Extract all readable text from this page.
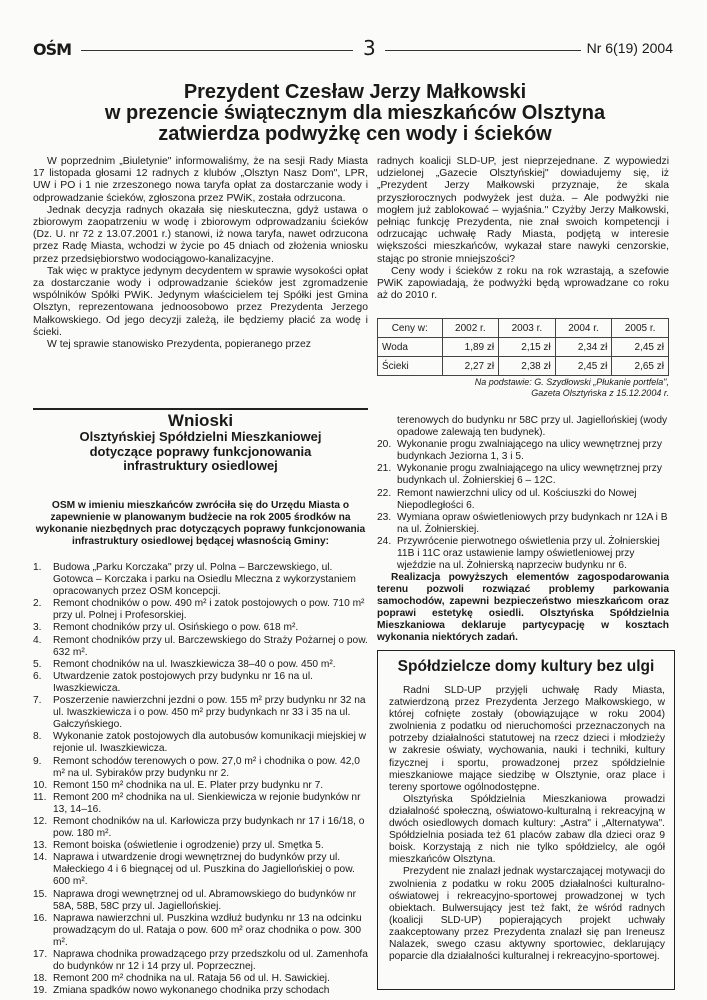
OŚM	3	Nr 6(19) 2004
Prezydent Czesław Jerzy Małkowski
w prezencie świątecznym dla mieszkańców Olsztyna
zatwierdza podwyżkę cen wody i ścieków

W poprzednim „Biuletynie" informowaliśmy, że na sesji Rady Miasta 17 listopada głosami 12 radnych z klubów „Olsztyn Nasz Dom", LPR, UW i PO i 1 nie zrzeszonego nowa taryfa opłat za dostarczanie wody i odprowadzanie ścieków, zgłoszona przez PWiK, została odrzucona.

Jednak decyzja radnych okazała się nieskuteczna, gdyż ustawa o zbiorowym zaopatrzeniu w wodę i zbiorowym odprowadzaniu ścieków (Dz. U. nr 72 z 13.07.2001 r.) stanowi, iż nowa taryfa, nawet odrzucona przez Radę Miasta, wchodzi w życie po 45 dniach od złożenia wniosku przez przedsiębiorstwo wodociągowo-kanalizacyjne.

Tak więc w praktyce jedynym decydentem w sprawie wysokości opłat za dostarczanie wody i odprowadzanie ścieków jest zgromadzenie wspólników Spółki PWiK. Jedynym właścicielem tej Spółki jest Gmina Olsztyn, reprezentowana jednoosobowo przez Prezydenta Jerzego Małkowskiego. Od jego decyzji zależą, ile będziemy płacić za wodę i ścieki.

W tej sprawie stanowisko Prezydenta, popieranego przez

radnych koalicji SLD-UP, jest nieprzejednane. Z wypowiedzi udzielonej „Gazecie Olsztyńskiej" dowiadujemy się, iż „Prezydent Jerzy Małkowski przyznaje, że skala przyszłorocznych podwyżek jest duża. – Ale podwyżki nie mogłem już zablokować – wyjaśnia." Czyżby Jerzy Małkowski, pełniąc funkcję Prezydenta, nie znał swoich kompetencji i odrzucając uchwałę Rady Miasta, podjętą w interesie większości mieszkańców, wykazał stare nawyki cenzorskie, stając po stronie mniejszości?

Ceny wody i ścieków z roku na rok wzrastają, a szefowie PWiK zapowiadają, że podwyżki będą wprowadzane co roku aż do 2010 r.

Ceny w:	2002 r.	2003 r.	2004 r.	2005 r.
Woda	1,89 zł	2,15 zł	2,34 zł	2,45 zł
Ścieki	2,27 zł	2,38 zł	2,45 zł	2,65 zł
Na podstawie: G. Szydłowski „Płukanie portfela",
Gazeta Olsztyńska z 15.12.2004 r.
Wnioski
Olsztyńskiej Spółdzielni Mieszkaniowej
dotyczące poprawy funkcjonowania
infrastruktury osiedlowej
OSM w imieniu mieszkańców zwróciła się do Urzędu Miasta o zapewnienie w planowanym budżecie na rok 2005 środków na wykonanie niezbędnych prac dotyczących poprawy funkcjonowania infrastruktury osiedlowej będącej własnością Gminy:
1. Budowa „Parku Korczaka" przy ul. Polna – Barczewskiego, ul. Gotowca – Korczaka i parku na Osiedlu Mleczna z wykorzystaniem opracowanych przez OSM koncepcji.
2. Remont chodników o pow. 490 m² i zatok postojowych o pow. 710 m² przy ul. Polnej i Profesorskiej.
3. Remont chodników przy ul. Osińskiego o pow. 618 m².
4. Remont chodników przy ul. Barczewskiego do Straży Pożarnej o pow. 632 m².
5. Remont chodników na ul. Iwaszkiewicza 38–40 o pow. 450 m².
6. Utwardzenie zatok postojowych przy budynku nr 16 na ul. Iwaszkiewicza.
7. Poszerzenie nawierzchni jezdni o pow. 155 m² przy budynku nr 32 na ul. Iwaszkiewicza i o pow. 450 m² przy budynkach nr 33 i 35 na ul. Gałczyńskiego.
8. Wykonanie zatok postojowych dla autobusów komunikacji miejskiej w rejonie ul. Iwaszkiewicza.
9. Remont schodów terenowych o pow. 27,0 m² i chodnika o pow. 42,0 m² na ul. Sybiraków przy budynku nr 2.
10. Remont 150 m² chodnika na ul. E. Plater przy budynku nr 7.
11. Remont 200 m² chodnika na ul. Sienkiewicza w rejonie budynków nr 13, 14–16.
12. Remont chodników na ul. Karłowicza przy budynkach nr 17 i 16/18, o pow. 180 m².
13. Remont boiska (oświetlenie i ogrodzenie) przy ul. Smętka 5.
14. Naprawa i utwardzenie drogi wewnętrznej do budynków przy ul. Małeckiego 4 i 6 biegnącej od ul. Puszkina do Jagiellońskiej o pow. 600 m².
15. Naprawa drogi wewnętrznej od ul. Abramowskiego do budynków nr 58A, 58B, 58C przy ul. Jagiellońskiej.
16. Naprawa nawierzchni ul. Puszkina wzdłuż budynku nr 13 na odcinku prowadzącym do ul. Rataja o pow. 600 m² oraz chodnika o pow. 300 m².
17. Naprawa chodnika prowadzącego przy przedszkolu od ul. Zamenhofa do budynków nr 12 i 14 przy ul. Poprzecznej.
18. Remont 200 m² chodnika na ul. Rataja 56 od ul. H. Sawickiej.
19. Zmiana spadków nowo wykonanego chodnika przy schodach
terenowych do budynku nr 58C przy ul. Jagiellońskiej (wody opadowe zalewają ten budynek).
20. Wykonanie progu zwalniającego na ulicy wewnętrznej przy budynkach Jeziorna 1, 3 i 5.
21. Wykonanie progu zwalniającego na ulicy wewnętrznej przy budynkach ul. Żołnierskiej 6 – 12C.
22. Remont nawierzchni ulicy od ul. Kościuszki do Nowej Niepodległości 6.
23. Wymiana opraw oświetleniowych przy budynkach nr 12A i B na ul. Żołnierskiej.
24. Przywrócenie pierwotnego oświetlenia przy ul. Żołnierskiej 11B i 11C oraz ustawienie lampy oświetleniowej przy wjeździe na ul. Żołnierską naprzeciw budynku nr 6.
Realizacja powyższych elementów zagospodarowania terenu pozwoli rozwiązać problemy parkowania samochodów, zapewni bezpieczeństwo mieszkańcom oraz poprawi estetykę osiedli. Olsztyńska Spółdzielnia Mieszkaniowa deklaruje partycypację w kosztach wykonania niektórych zadań.
Spółdzielcze domy kultury bez ulgi

Radni SLD-UP przyjęli uchwałę Rady Miasta, zatwierdzoną przez Prezydenta Jerzego Małkowskiego, w której cofnięte zostały (obowiązujące w roku 2004) zwolnienia z podatku od nieruchomości przeznaczonych na potrzeby działalności statutowej na rzecz dzieci i młodzieży w zakresie oświaty, wychowania, nauki i techniki, kultury fizycznej i sportu, prowadzonej przez spółdzielnie mieszkaniowe mające siedzibę w Olsztynie, oraz place i tereny sportowe ogólnodostępne.

Olsztyńska Spółdzielnia Mieszkaniowa prowadzi działalność społeczną, oświatowo-kulturalną i rekreacyjną w dwóch osiedlowych domach kultury: „Astra" i „Alternatywa". Spółdzielnia posiada też 61 placów zabaw dla dzieci oraz 9 boisk. Korzystają z nich nie tylko spółdzielcy, ale ogół mieszkańców Olsztyna.

Prezydent nie znalazł jednak wystarczającej motywacji do zwolnienia z podatku w roku 2005 działalności kulturalno-oświatowej i rekreacyjno-sportowej prowadzonej w tych obiektach. Bulwersujący jest też fakt, że wśród radnych (koalicji SLD-UP) popierających projekt uchwały zaakceptowany przez Prezydenta znalazł się pan Ireneusz Nalazek, swego czasu aktywny sportowiec, deklarujący poparcie dla działalności kulturalnej i rekreacyjno-sportowej.
